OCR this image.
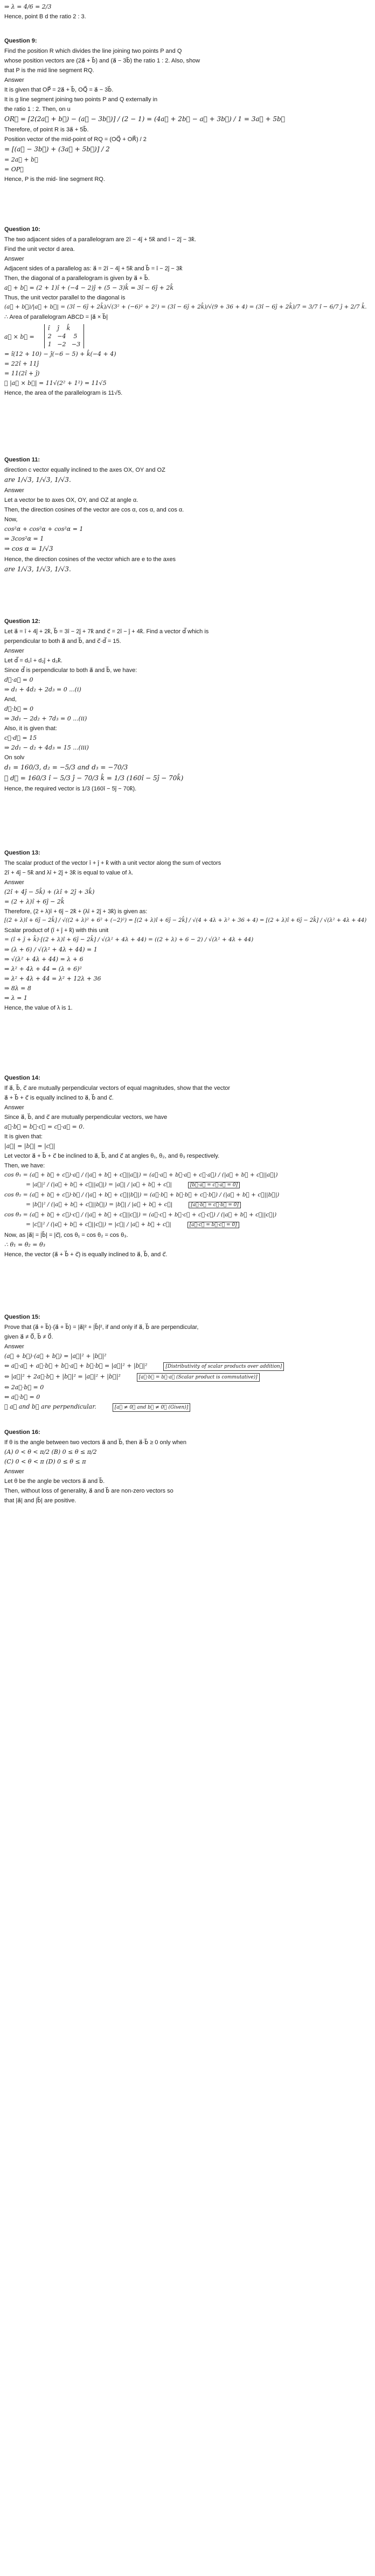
⇒ λ = 4/6 = 2/3
Hence, point B d the ratio 2 : 3.
Question 9:
Find the position R which divides the line joining two points P and Q
whose position vectors are (2a⃗ + b⃗) and (a⃗ − 3b⃗) the ratio 1 : 2. Also, show
that P is the mid line segment RQ.
Answer
It is given that OP⃗ = 2a⃗ + b⃗, OQ⃗ = a⃗ − 3b⃗.
It is g line segment joining two points P and Q externally in
the ratio 1 : 2. Then, on u
OR⃗ = [2(2a⃗ + b⃗) − (a⃗ − 3b⃗)] / (2 − 1) = (4a⃗ + 2b⃗ − a⃗ + 3b⃗) / 1 = 3a⃗ + 5b⃗
Therefore, of point R is 3a⃗ + 5b⃗.
Position vector of the mid-point of RQ = (OQ⃗ + OR⃗) / 2
= [(a⃗ − 3b⃗) + (3a⃗ + 5b⃗)] / 2
= 2a⃗ + b⃗
= OP⃗
Hence, P is the mid- line segment RQ.
Question 10:
The two adjacent sides of a parallelogram are 2î − 4ĵ + 5k̂ and î − 2ĵ − 3k̂.
Find the unit vector d area.
Answer
Adjacent sides of a parallelog as: a⃗ = 2î − 4ĵ + 5k̂ and b⃗ = î − 2ĵ − 3k̂
Then, the diagonal of a parallelogram is given by a⃗ + b⃗.
a⃗ + b⃗ = (2 + 1)î + (−4 − 2)ĵ + (5 − 3)k̂ = 3î − 6ĵ + 2k̂
Thus, the unit vector parallel to the diagonal is
(a⃗ + b⃗)/|a⃗ + b⃗| = (3î − 6ĵ + 2k̂)/√(3² + (−6)² + 2²) = (3î − 6ĵ + 2k̂)/√(9 + 36 + 4) = (3î − 6ĵ + 2k̂)/7 = 3/7 î − 6/7 ĵ + 2/7 k̂.
∴ Area of parallelogram ABCD = |a⃗ × b⃗|
a⃗ × b⃗ =
î    ĵ    k̂
2   −4    5
1   −2   −3
= î(12 + 10) − ĵ(−6 − 5) + k̂(−4 + 4)
= 22î + 11ĵ
= 11(2î + ĵ)
∴ |a⃗ × b⃗| = 11√(2² + 1²) = 11√5
Hence, the area of the parallelogram is 11√5.
Question 11:
direction c vector equally inclined to the axes OX, OY and OZ
are 1/√3, 1/√3, 1/√3.
Answer
Let a vector be to axes OX, OY, and OZ at angle α.
Then, the direction cosines of the vector are cos α, cos α, and cos α.
Now,
cos²α + cos²α + cos²α = 1
⇒ 3cos²α = 1
⇒ cos α = 1/√3
Hence, the direction cosines of the vector which are e to the axes
are 1/√3, 1/√3, 1/√3.
Question 12:
Let a⃗ = î + 4ĵ + 2k̂, b⃗ = 3î − 2ĵ + 7k̂ and c⃗ = 2î − ĵ + 4k̂. Find a vector d⃗ which is
perpendicular to both a⃗ and b⃗, and c⃗·d⃗ = 15.
Answer
Let d⃗ = d₁î + d₂ĵ + d₃k̂.
Since d⃗ is perpendicular to both a⃗ and b⃗, we have:
d⃗·a⃗ = 0
⇒ d₁ + 4d₂ + 2d₃ = 0 ...(i)
And,
d⃗·b⃗ = 0
⇒ 3d₁ − 2d₂ + 7d₃ = 0 ...(ii)
Also, it is given that:
c⃗·d⃗ = 15
⇒ 2d₁ − d₂ + 4d₃ = 15 ...(iii)
On solv
d₁ = 160/3, d₂ = −5/3 and d₃ = −70/3
∴ d⃗ = 160/3 î − 5/3 ĵ − 70/3 k̂ = 1/3 (160î − 5ĵ − 70k̂)
Hence, the required vector is 1/3 (160î − 5ĵ − 70k̂).
Question 13:
The scalar product of the vector î + ĵ + k̂ with a unit vector along the sum of vectors
2î + 4ĵ − 5k̂ and λî + 2ĵ + 3k̂ is equal to value of λ.
Answer
(2î + 4ĵ − 5k̂) + (λî + 2ĵ + 3k̂)
= (2 + λ)î + 6ĵ − 2k̂
Therefore, (2 + λ)î + 6ĵ − 2k̂ + (λî + 2ĵ + 3k̂) is given as:
[(2 + λ)î + 6ĵ − 2k̂] / √((2 + λ)² + 6² + (−2)²) = [(2 + λ)î + 6ĵ − 2k̂] / √(4 + 4λ + λ² + 36 + 4) = [(2 + λ)î + 6ĵ − 2k̂] / √(λ² + 4λ + 44)
Scalar product of (î + ĵ + k̂) with this unit
= (î + ĵ + k̂)·[(2 + λ)î + 6ĵ − 2k̂] / √(λ² + 4λ + 44) = ((2 + λ) + 6 − 2) / √(λ² + 4λ + 44)
⇒ (λ + 6) / √(λ² + 4λ + 44) = 1
⇒ √(λ² + 4λ + 44) = λ + 6
⇒ λ² + 4λ + 44 = (λ + 6)²
⇒ λ² + 4λ + 44 = λ² + 12λ + 36
⇒ 8λ = 8
⇒ λ = 1
Hence, the value of λ is 1.
Question 14:
If a⃗, b⃗, c⃗ are mutually perpendicular vectors of equal magnitudes, show that the vector
a⃗ + b⃗ + c⃗ is equally inclined to a⃗, b⃗ and c⃗.
Answer
Since a⃗, b⃗, and c⃗ are mutually perpendicular vectors, we have
a⃗·b⃗ = b⃗·c⃗ = c⃗·a⃗ = 0.
It is given that:
|a⃗| = |b⃗| = |c⃗|
Let vector a⃗ + b⃗ + c⃗ be inclined to a⃗, b⃗, and c⃗ at angles θ₁, θ₂, and θ₃ respectively.
Then, we have:
cos θ₁ = (a⃗ + b⃗ + c⃗)·a⃗ / (|a⃗ + b⃗ + c⃗||a⃗|) = (a⃗·a⃗ + b⃗·a⃗ + c⃗·a⃗) / (|a⃗ + b⃗ + c⃗||a⃗|)
= |a⃗|² / (|a⃗ + b⃗ + c⃗||a⃗|) = |a⃗| / |a⃗ + b⃗ + c⃗|	[b⃗·a⃗ = c⃗·a⃗ = 0]
cos θ₂ = (a⃗ + b⃗ + c⃗)·b⃗ / (|a⃗ + b⃗ + c⃗||b⃗|) = (a⃗·b⃗ + b⃗·b⃗ + c⃗·b⃗) / (|a⃗ + b⃗ + c⃗||b⃗|)
= |b⃗|² / (|a⃗ + b⃗ + c⃗||b⃗|) = |b⃗| / |a⃗ + b⃗ + c⃗|	[a⃗·b⃗ = c⃗·b⃗ = 0]
cos θ₃ = (a⃗ + b⃗ + c⃗)·c⃗ / (|a⃗ + b⃗ + c⃗||c⃗|) = (a⃗·c⃗ + b⃗·c⃗ + c⃗·c⃗) / (|a⃗ + b⃗ + c⃗||c⃗|)
= |c⃗|² / (|a⃗ + b⃗ + c⃗||c⃗|) = |c⃗| / |a⃗ + b⃗ + c⃗|	[a⃗·c⃗ = b⃗·c⃗ = 0]
Now, as |a⃗| = |b⃗| = |c⃗|, cos θ₁ = cos θ₂ = cos θ₃.
∴ θ₁ = θ₂ = θ₃
Hence, the vector (a⃗ + b⃗ + c⃗) is equally inclined to a⃗, b⃗, and c⃗.
Question 15:
Prove that (a⃗ + b⃗)·(a⃗ + b⃗) = |a⃗|² + |b⃗|², if and only if a⃗, b⃗ are perpendicular,
given a⃗ ≠ 0⃗, b⃗ ≠ 0⃗.
Answer
(a⃗ + b⃗)·(a⃗ + b⃗) = |a⃗|² + |b⃗|²
⇔ a⃗·a⃗ + a⃗·b⃗ + b⃗·a⃗ + b⃗·b⃗ = |a⃗|² + |b⃗|²	[Distributivity of scalar products over addition]
⇔ |a⃗|² + 2a⃗·b⃗ + |b⃗|² = |a⃗|² + |b⃗|²	[a⃗·b⃗ = b⃗·a⃗ (Scalar product is commutative)]
⇔ 2a⃗·b⃗ = 0
⇔ a⃗·b⃗ = 0
∴ a⃗ and b⃗ are perpendicular.	[a⃗ ≠ 0⃗ and b⃗ ≠ 0⃗ (Given)]
Question 16:
If θ is the angle between two vectors a⃗ and b⃗, then a⃗·b⃗ ≥ 0 only when
(A) 0 < θ < π/2 (B) 0 ≤ θ ≤ π/2
(C) 0 < θ < π (D) 0 ≤ θ ≤ π
Answer
Let θ be the angle be vectors a⃗ and b⃗.
Then, without loss of generality, a⃗ and b⃗ are non-zero vectors so
that |a⃗| and |b⃗| are positive.
